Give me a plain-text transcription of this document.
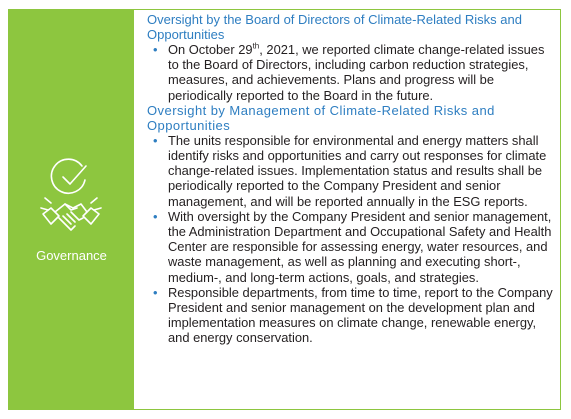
Governance

Oversight by the Board of Directors of Climate-Related Risks and Opportunities

• On October 29th, 2021, we reported climate change-related issues to the Board of Directors, including carbon reduction strategies, measures, and achievements. Plans and progress will be periodically reported to the Board in the future.

Oversight by Management of Climate-Related Risks and Opportunities

• The units responsible for environmental and energy matters shall identify risks and opportunities and carry out responses for climate change-related issues. Implementation status and results shall be periodically reported to the Company President and senior management, and will be reported annually in the ESG reports.
• With oversight by the Company President and senior management, the Administration Department and Occupational Safety and Health Center are responsible for assessing energy, water resources, and waste management, as well as planning and executing short-, medium-, and long-term actions, goals, and strategies.
• Responsible departments, from time to time, report to the Company President and senior management on the development plan and implementation measures on climate change, renewable energy, and energy conservation.
